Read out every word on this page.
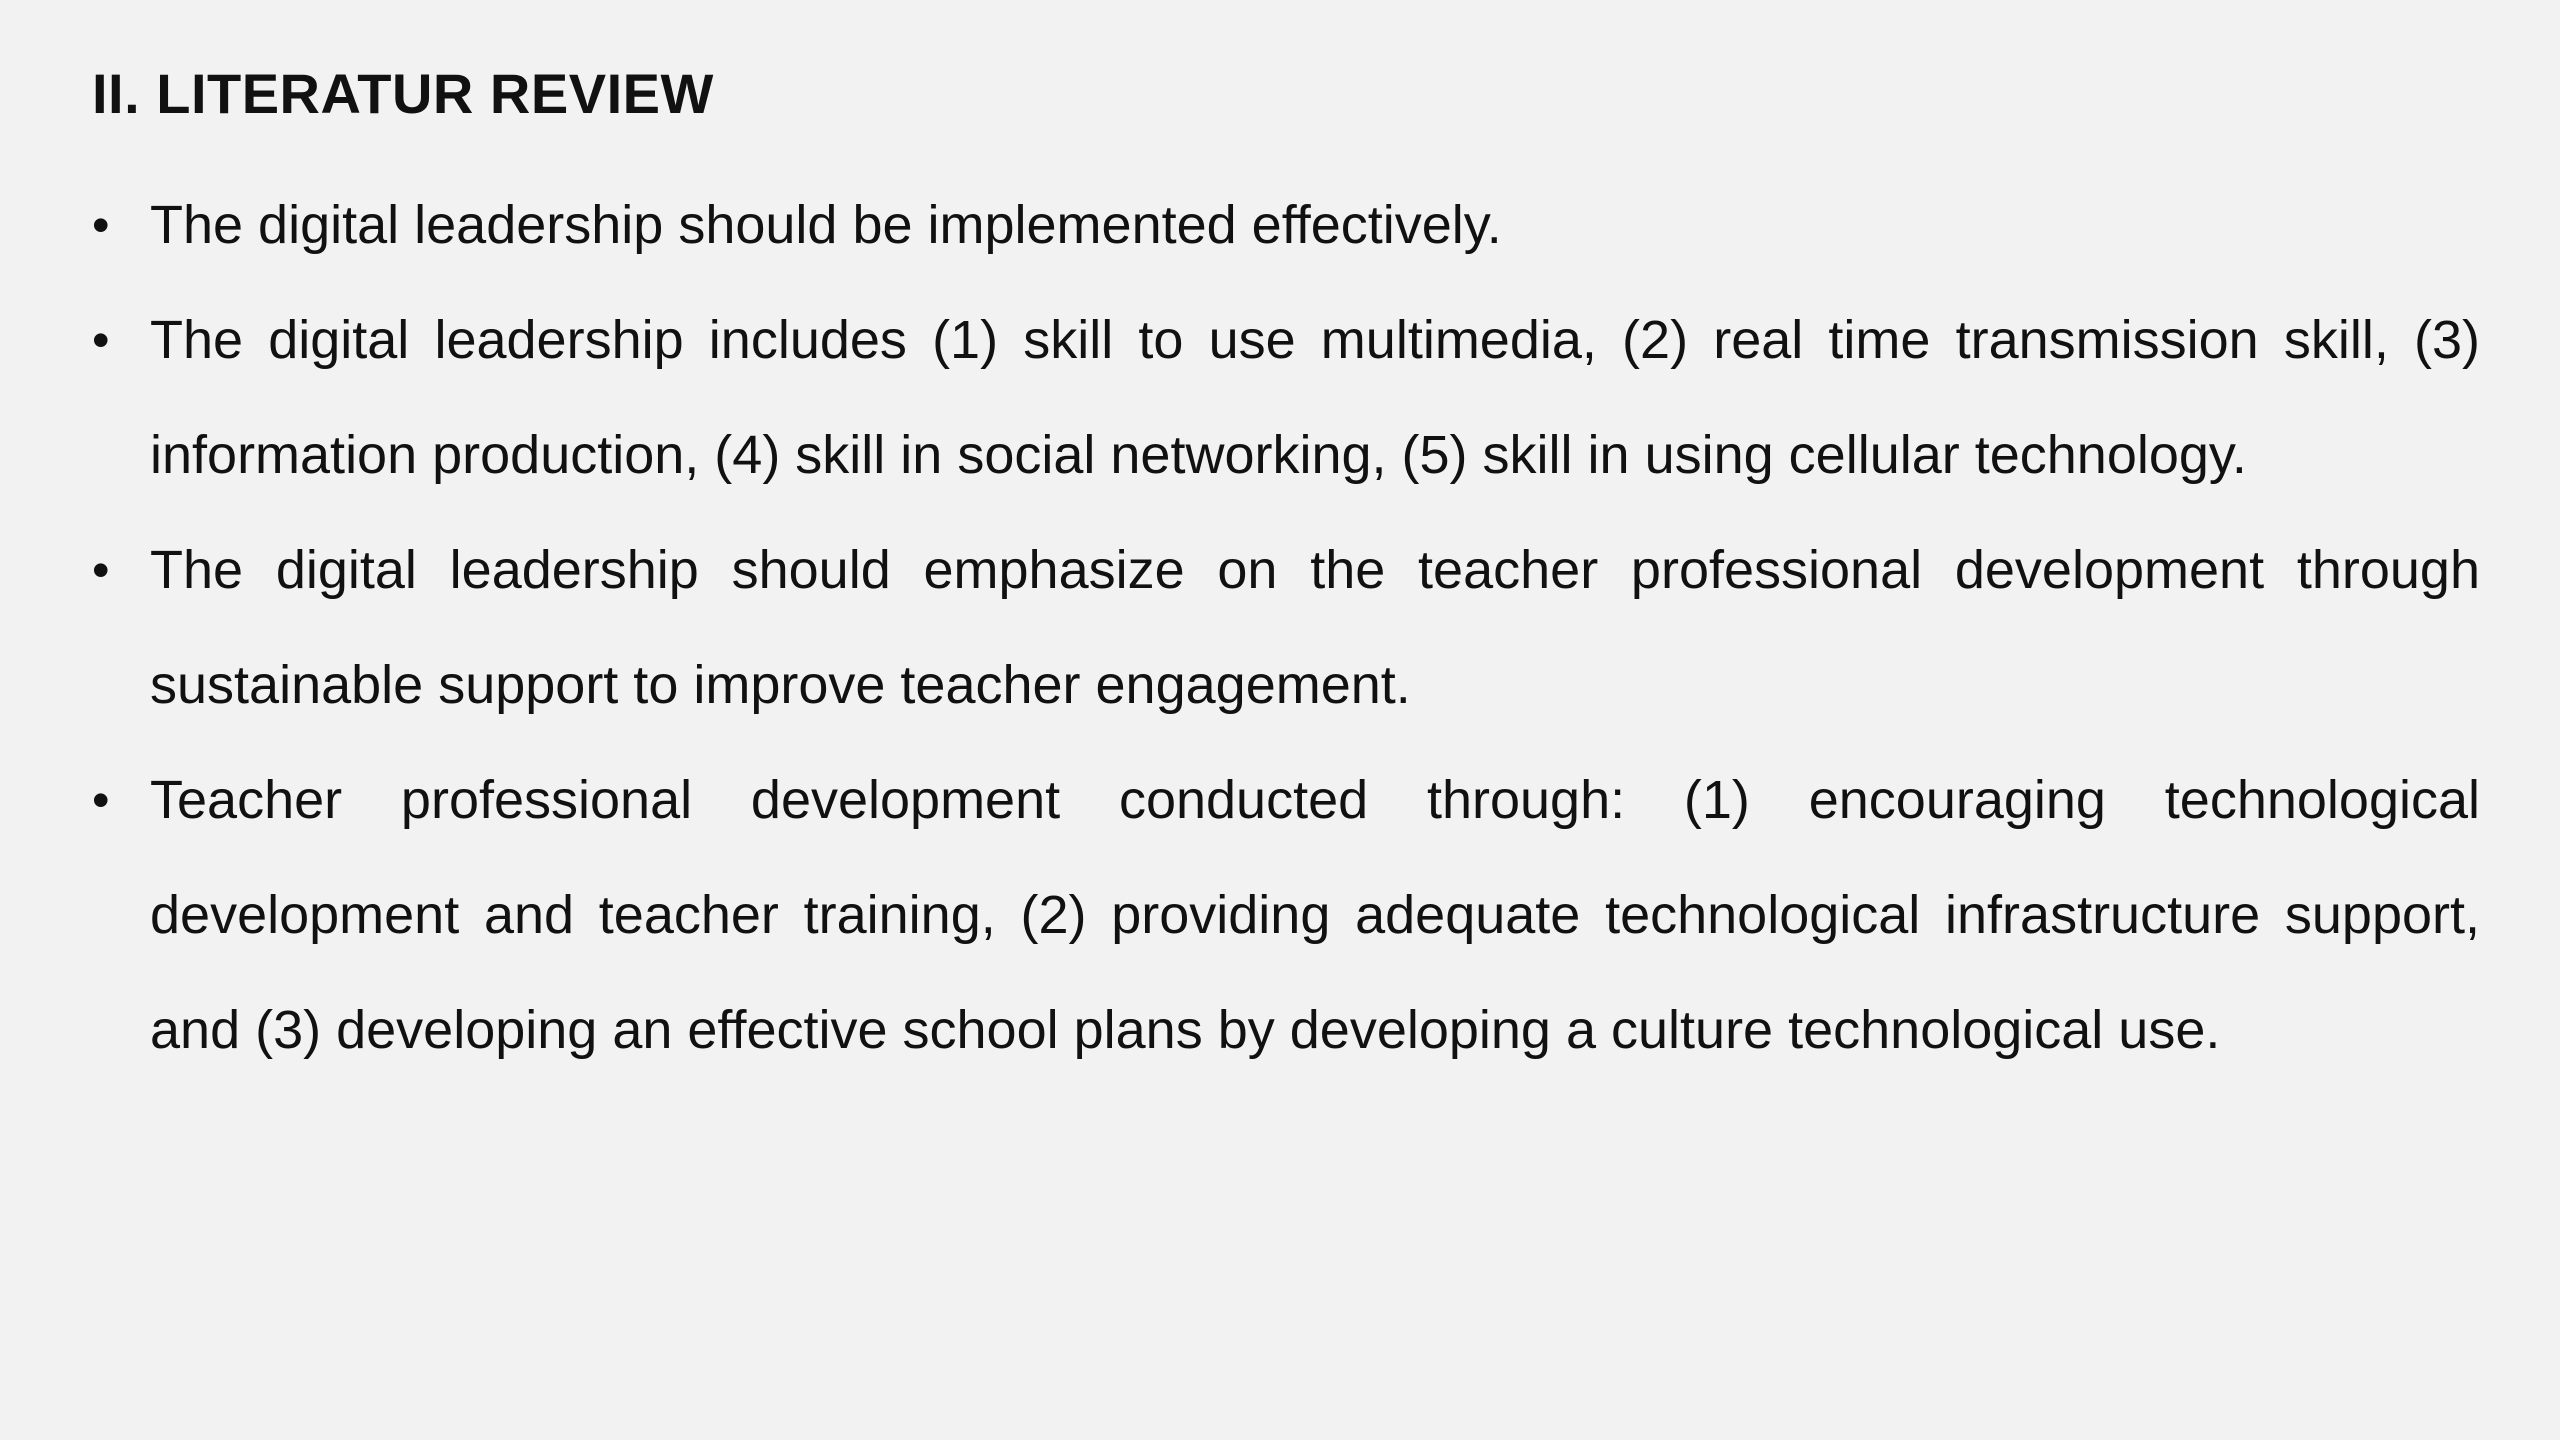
II. LITERATUR REVIEW
• The digital leadership should be implemented effectively.
• The digital leadership includes (1) skill to use multimedia, (2) real time transmission skill, (3) information production, (4) skill in social networking, (5) skill in using cellular technology.
• The digital leadership should emphasize on the teacher professional development through sustainable support to improve teacher engagement.
• Teacher professional development conducted through: (1) encouraging technological development and teacher training, (2) providing adequate technological infrastructure support, and (3) developing an effective school plans by developing a culture technological use.
